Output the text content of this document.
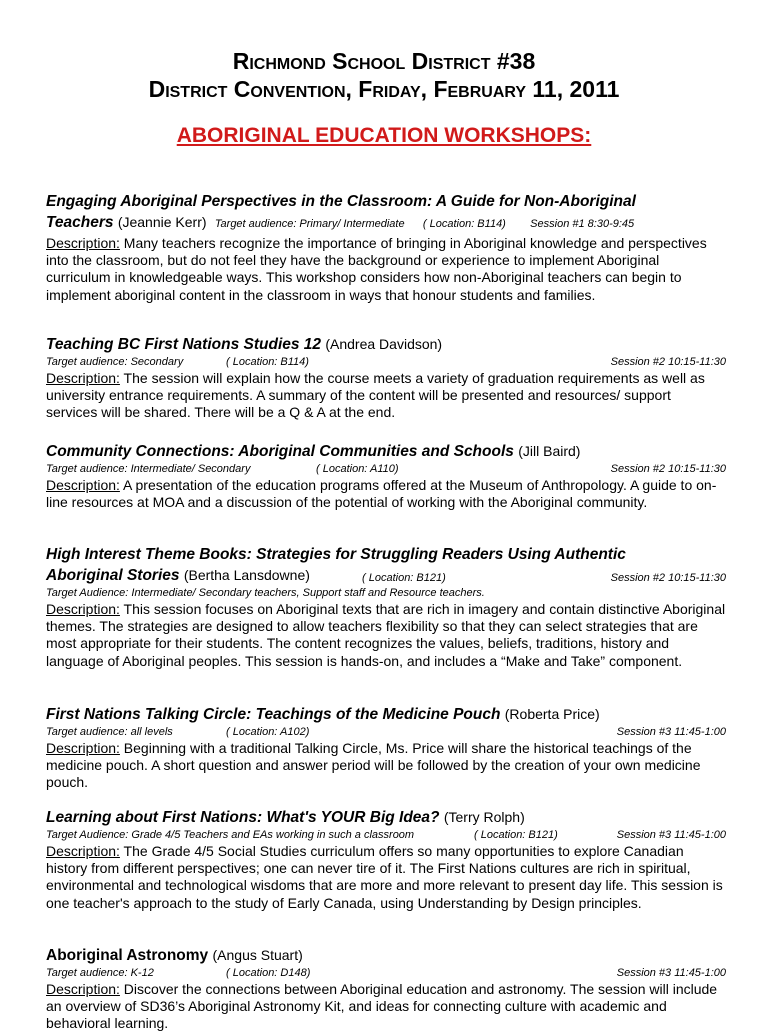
Richmond School District #38
District Convention, Friday, February 11, 2011
ABORIGINAL EDUCATION WORKSHOPS:
Engaging Aboriginal Perspectives in the Classroom: A Guide for Non-Aboriginal
Teachers (Jeannie Kerr) Target audience: Primary/ Intermediate ( Location: B114) Session #1 8:30-9:45
Description: Many teachers recognize the importance of bringing in Aboriginal knowledge and perspectives into the classroom, but do not feel they have the background or experience to implement Aboriginal curriculum in knowledgeable ways. This workshop considers how non-Aboriginal teachers can begin to implement aboriginal content in the classroom in ways that honour students and families.
Teaching BC First Nations Studies 12 (Andrea Davidson)
Target audience: Secondary	( Location: B114)	Session #2 10:15-11:30
Description: The session will explain how the course meets a variety of graduation requirements as well as university entrance requirements. A summary of the content will be presented and resources/ support services will be shared. There will be a Q & A at the end.
Community Connections: Aboriginal Communities and Schools (Jill Baird)
Target audience: Intermediate/ Secondary	( Location: A110)	Session #2 10:15-11:30
Description: A presentation of the education programs offered at the Museum of Anthropology. A guide to on-line resources at MOA and a discussion of the potential of working with the Aboriginal community.
High Interest Theme Books: Strategies for Struggling Readers Using Authentic
Aboriginal Stories (Bertha Lansdowne)	( Location: B121)	Session #2 10:15-11:30
Target Audience: Intermediate/ Secondary teachers, Support staff and Resource teachers.
Description: This session focuses on Aboriginal texts that are rich in imagery and contain distinctive Aboriginal themes. The strategies are designed to allow teachers flexibility so that they can select strategies that are most appropriate for their students. The content recognizes the values, beliefs, traditions, history and language of Aboriginal peoples. This session is hands-on, and includes a “Make and Take” component.
First Nations Talking Circle: Teachings of the Medicine Pouch (Roberta Price)
Target audience: all levels	( Location: A102)	Session #3 11:45-1:00
Description: Beginning with a traditional Talking Circle, Ms. Price will share the historical teachings of the medicine pouch. A short question and answer period will be followed by the creation of your own medicine pouch.
Learning about First Nations: What's YOUR Big Idea? (Terry Rolph)
Target Audience: Grade 4/5 Teachers and EAs working in such a classroom	( Location: B121)	Session #3 11:45-1:00
Description: The Grade 4/5 Social Studies curriculum offers so many opportunities to explore Canadian history from different perspectives; one can never tire of it. The First Nations cultures are rich in spiritual, environmental and technological wisdoms that are more and more relevant to present day life. This session is one teacher's approach to the study of Early Canada, using Understanding by Design principles.
Aboriginal Astronomy (Angus Stuart)
Target audience: K-12	( Location: D148)	Session #3 11:45-1:00
Description: Discover the connections between Aboriginal education and astronomy. The session will include an overview of SD36’s Aboriginal Astronomy Kit, and ideas for connecting culture with academic and behavioral learning.
